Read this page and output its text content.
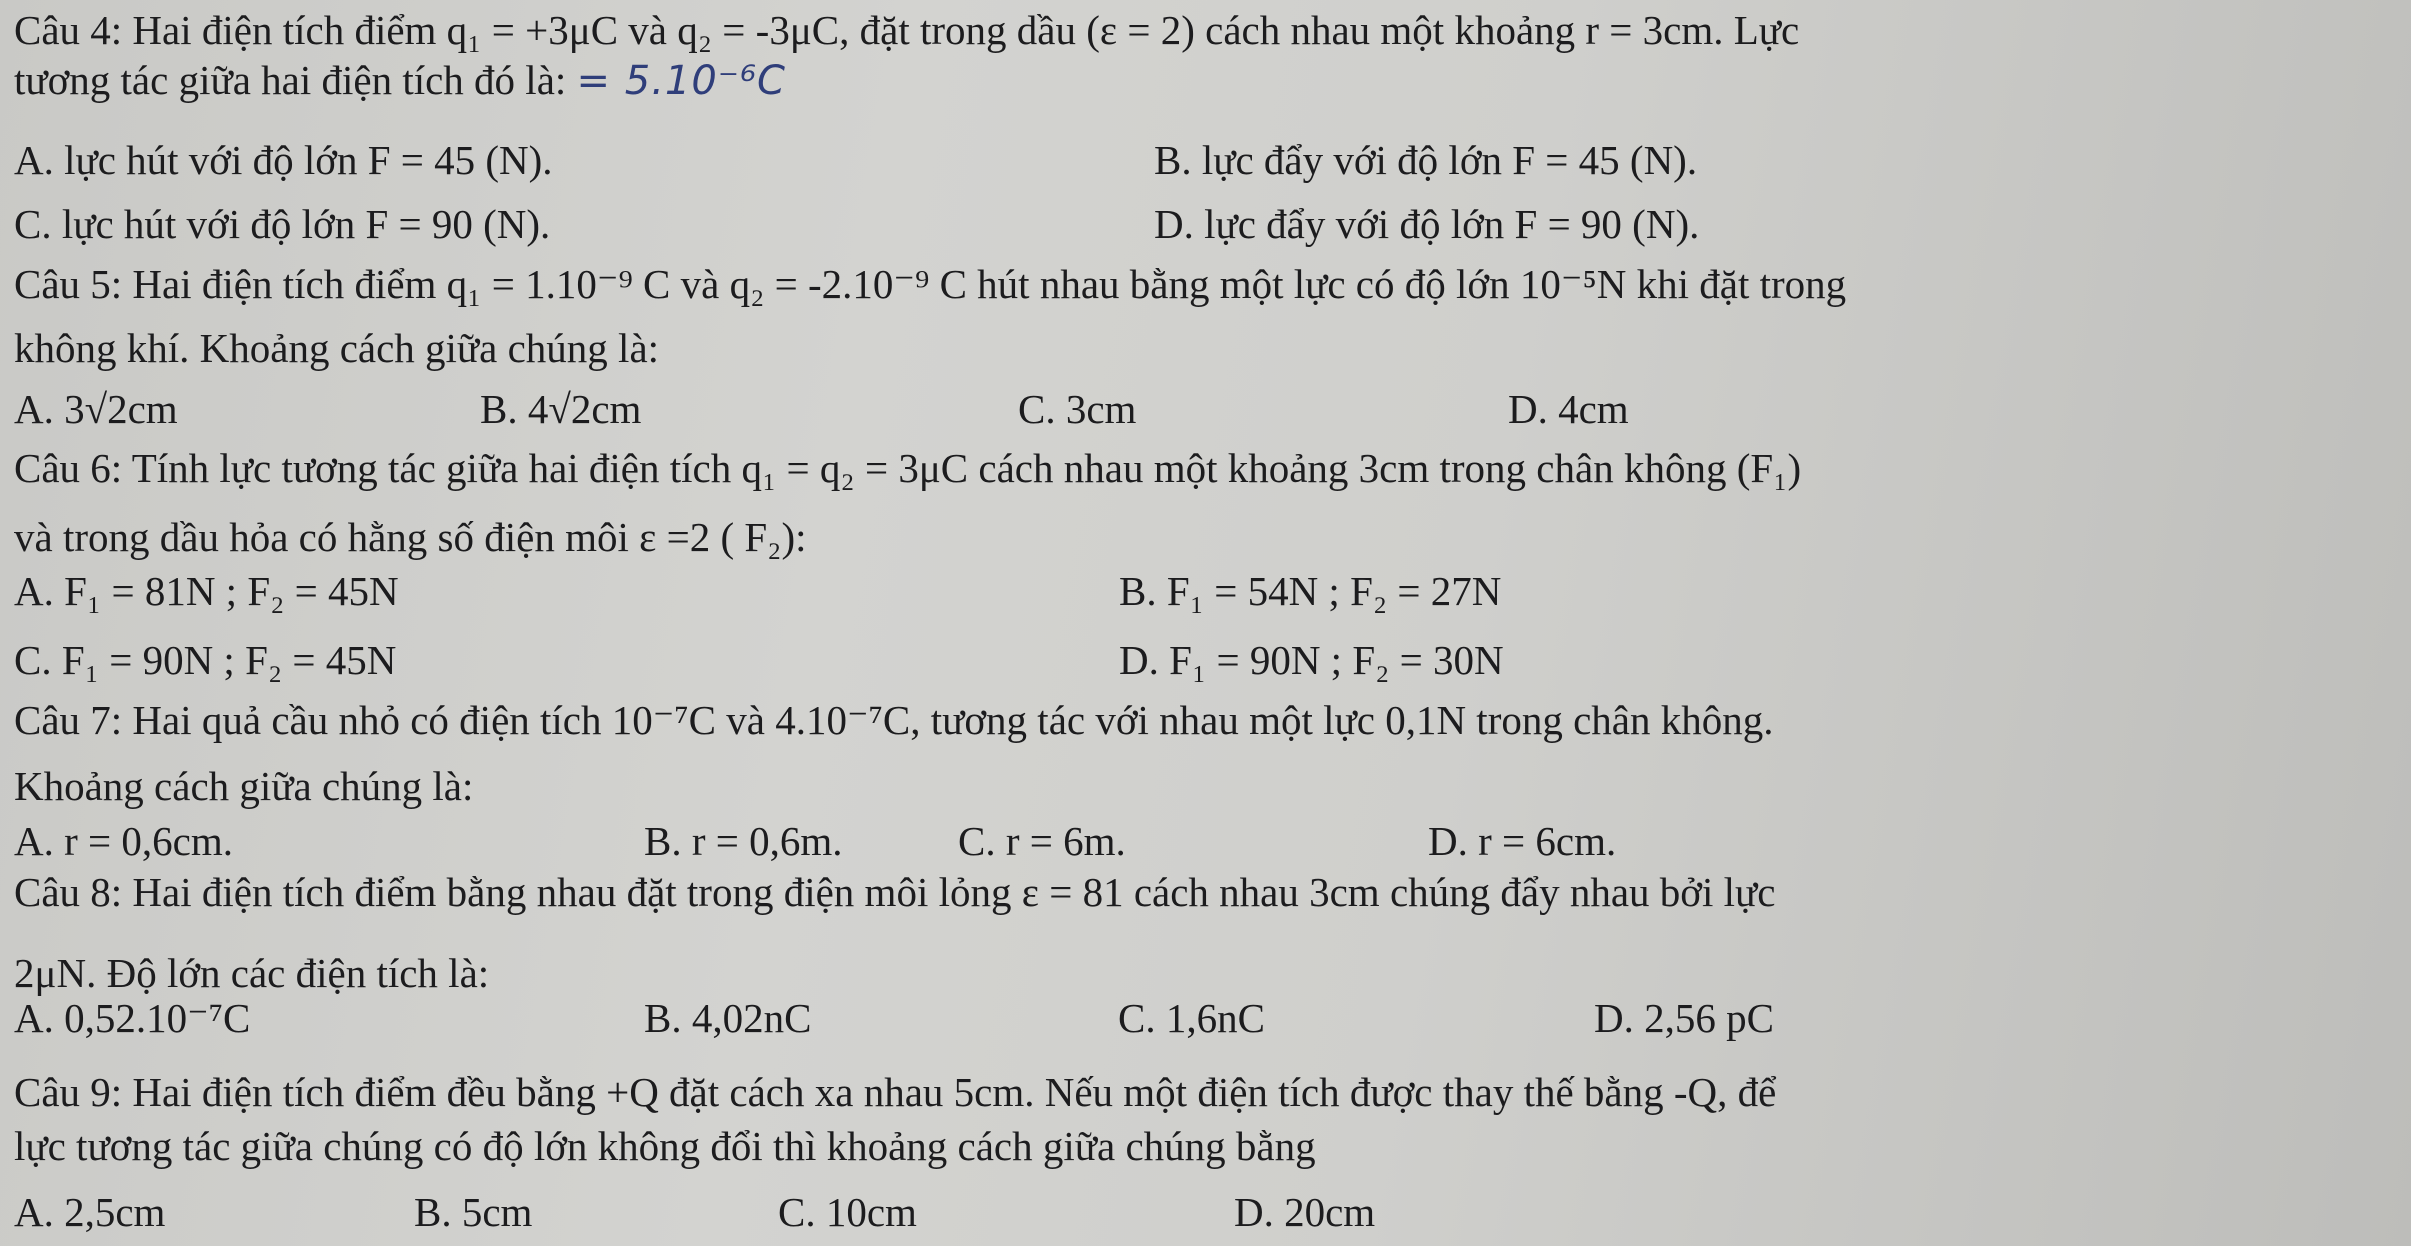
Câu 4: Hai điện tích điểm q₁ = +3μC và q₂ = -3μC, đặt trong dầu (ε = 2) cách nhau một khoảng r = 3cm. Lực
tương tác giữa hai điện tích đó là: = 5.10⁻⁶C
A. lực hút với độ lớn F = 45 (N).	B. lực đẩy với độ lớn F = 45 (N).
C. lực hút với độ lớn F = 90 (N).	D. lực đẩy với độ lớn F = 90 (N).
Câu 5: Hai điện tích điểm q₁ = 1.10⁻⁹ C và q₂ = -2.10⁻⁹ C hút nhau bằng một lực có độ lớn 10⁻⁵N khi đặt trong
không khí. Khoảng cách giữa chúng là:
A. 3√2cm	B. 4√2cm	C. 3cm	D. 4cm
Câu 6: Tính lực tương tác giữa hai điện tích q₁ = q₂ = 3μC cách nhau một khoảng 3cm trong chân không (F₁)
và trong dầu hỏa có hằng số điện môi ε =2 ( F₂):
A. F₁ = 81N ; F₂ = 45N	B. F₁ = 54N ; F₂ = 27N
C. F₁ = 90N ; F₂ = 45N	D. F₁ = 90N ; F₂ = 30N
Câu 7: Hai quả cầu nhỏ có điện tích 10⁻⁷C và 4.10⁻⁷C, tương tác với nhau một lực 0,1N trong chân không.
Khoảng cách giữa chúng là:
A. r = 0,6cm.	B. r = 0,6m.	C. r = 6m.	D. r = 6cm.
Câu 8: Hai điện tích điểm bằng nhau đặt trong điện môi lỏng ε = 81 cách nhau 3cm chúng đẩy nhau bởi lực
2μN. Độ lớn các điện tích là:
A. 0,52.10⁻⁷C	B. 4,02nC	C. 1,6nC	D. 2,56 pC
Câu 9: Hai điện tích điểm đều bằng +Q đặt cách xa nhau 5cm. Nếu một điện tích được thay thế bằng -Q, để
lực tương tác giữa chúng có độ lớn không đổi thì khoảng cách giữa chúng bằng
A. 2,5cm	B. 5cm	C. 10cm	D. 20cm
